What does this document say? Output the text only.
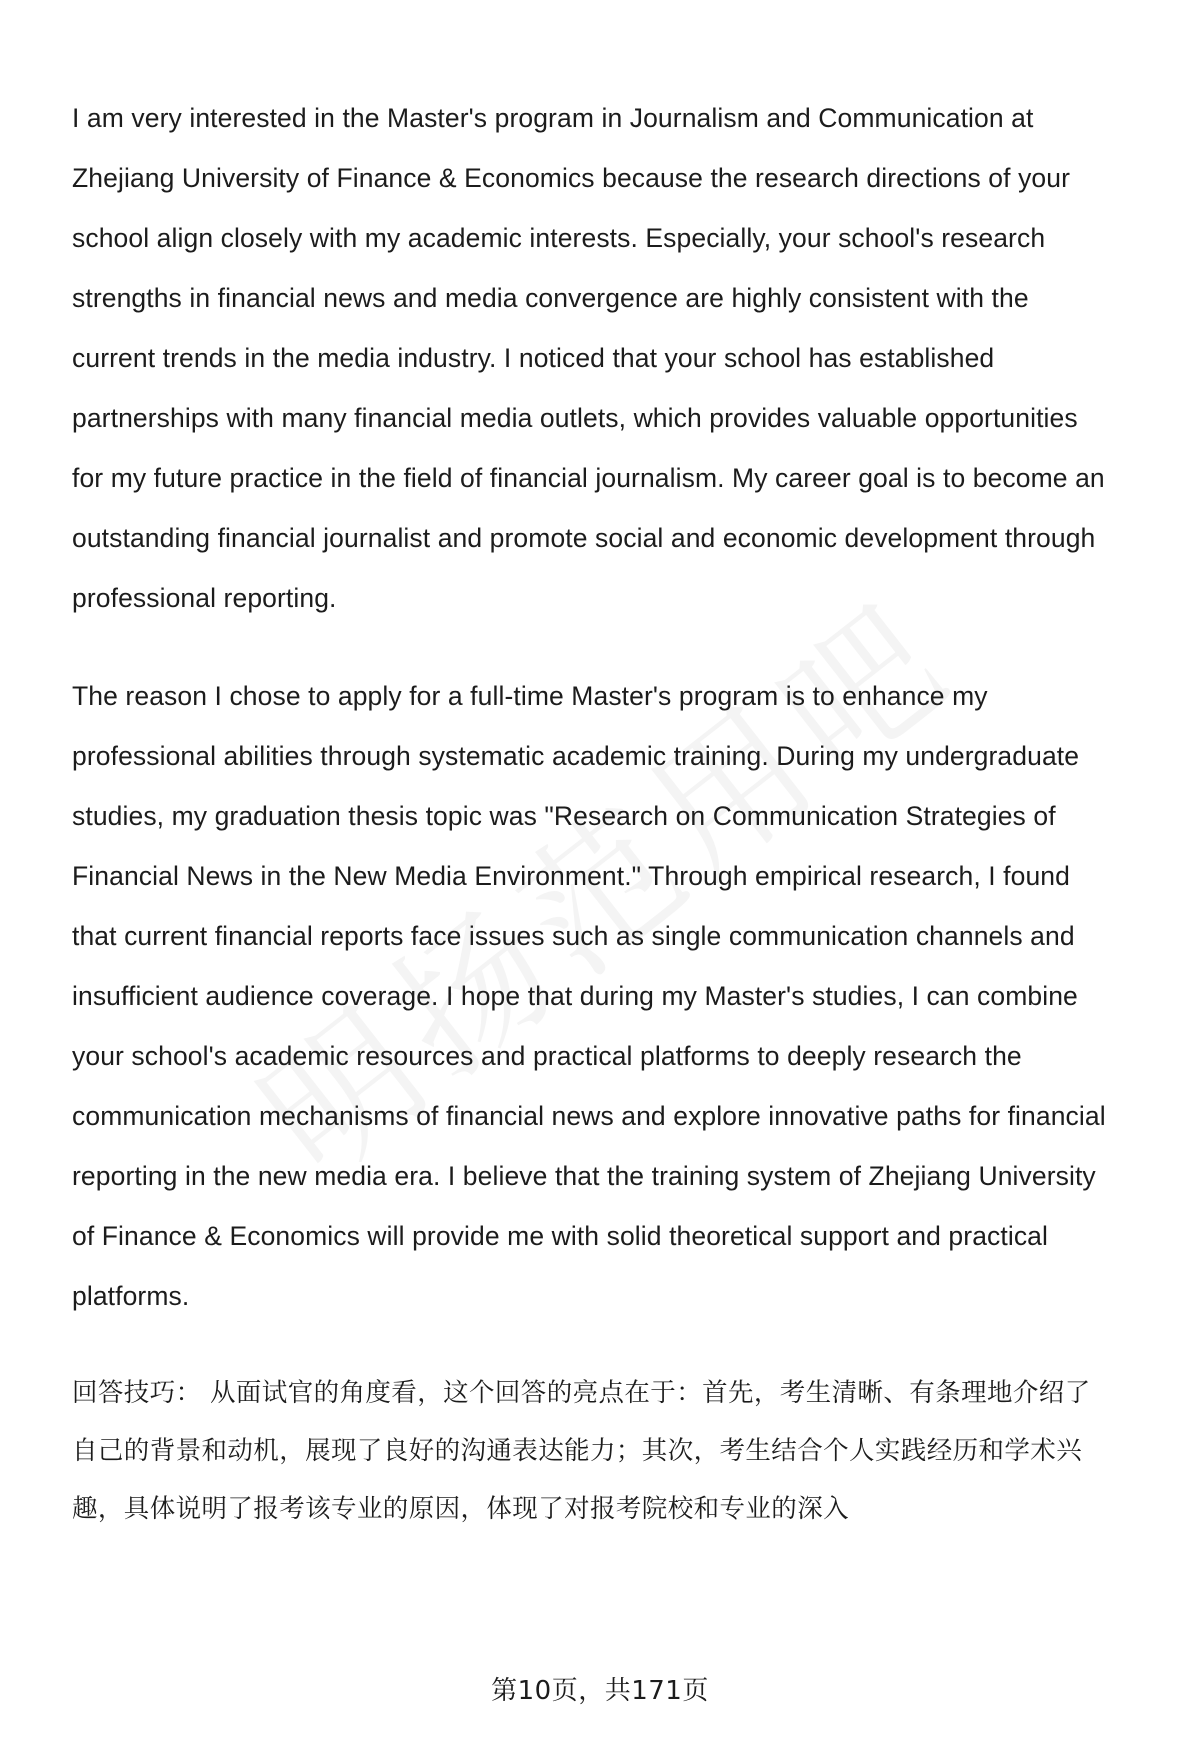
I am very interested in the Master's program in Journalism and Communication at Zhejiang University of Finance & Economics because the research directions of your school align closely with my academic interests. Especially, your school's research strengths in financial news and media convergence are highly consistent with the current trends in the media industry. I noticed that your school has established partnerships with many financial media outlets, which provides valuable opportunities for my future practice in the field of financial journalism. My career goal is to become an outstanding financial journalist and promote social and economic development through professional reporting.

The reason I chose to apply for a full-time Master's program is to enhance my professional abilities through systematic academic training. During my undergraduate studies, my graduation thesis topic was "Research on Communication Strategies of Financial News in the New Media Environment." Through empirical research, I found that current financial reports face issues such as single communication channels and insufficient audience coverage. I hope that during my Master's studies, I can combine your school's academic resources and practical platforms to deeply research the communication mechanisms of financial news and explore innovative paths for financial reporting in the new media era. I believe that the training system of Zhejiang University of Finance & Economics will provide me with solid theoretical support and practical platforms.

回答技巧： 从面试官的角度看，这个回答的亮点在于：首先，考生清晰、有条理地介绍了自己的背景和动机，展现了良好的沟通表达能力；其次，考生结合个人实践经历和学术兴趣，具体说明了报考该专业的原因，体现了对报考院校和专业的深入

第10页，共171页
